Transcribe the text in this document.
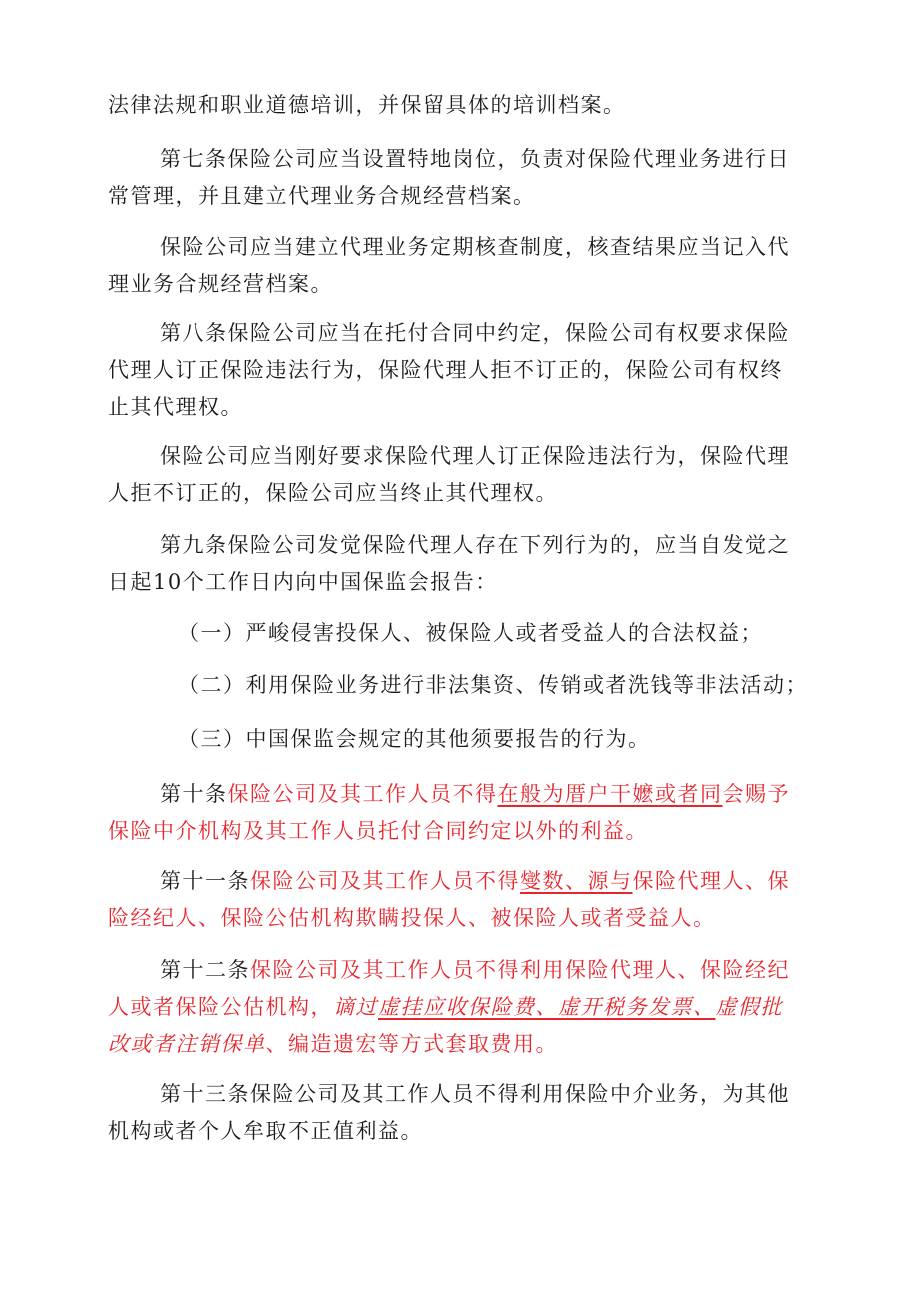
法律法规和职业道德培训，并保留具体的培训档案。
第七条保险公司应当设置特地岗位，负责对保险代理业务进行日
常管理，并且建立代理业务合规经营档案。
保险公司应当建立代理业务定期核查制度，核查结果应当记入代
理业务合规经营档案。
第八条保险公司应当在托付合同中约定，保险公司有权要求保险
代理人订正保险违法行为，保险代理人拒不订正的，保险公司有权终
止其代理权。
保险公司应当刚好要求保险代理人订正保险违法行为，保险代理
人拒不订正的，保险公司应当终止其代理权。
第九条保险公司发觉保险代理人存在下列行为的，应当自发觉之
日起10个工作日内向中国保监会报告：
（一）严峻侵害投保人、被保险人或者受益人的合法权益；
（二）利用保险业务进行非法集资、传销或者洗钱等非法活动；
（三）中国保监会规定的其他须要报告的行为。
第十条保险公司及其工作人员不得在般为厝户干嬷或者同会赐予
保险中介机构及其工作人员托付合同约定以外的利益。
第十一条保险公司及其工作人员不得燮数、源与保险代理人、保
险经纪人、保险公估机构欺瞒投保人、被保险人或者受益人。
第十二条保险公司及其工作人员不得利用保险代理人、保险经纪
人或者保险公估机构，谪过虚挂应收保险费、虚开税务发票、虚假批
改或者注销保单、编造遗宏等方式套取费用。
第十三条保险公司及其工作人员不得利用保险中介业务，为其他
机构或者个人牟取不正值利益。
